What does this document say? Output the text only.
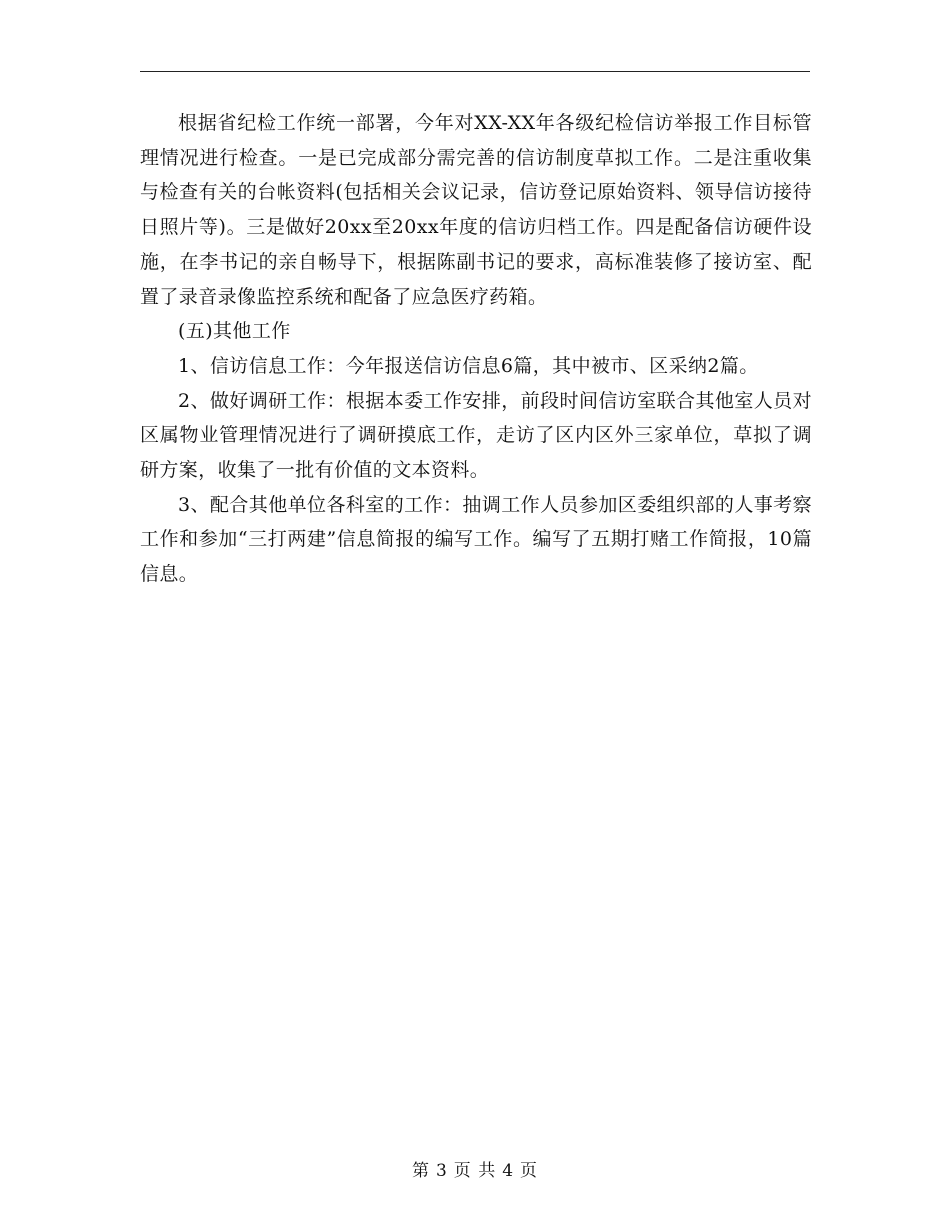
根据省纪检工作统一部署，今年对XX-XX年各级纪检信访举报工作目标管理情况进行检查。一是已完成部分需完善的信访制度草拟工作。二是注重收集与检查有关的台帐资料(包括相关会议记录，信访登记原始资料、领导信访接待日照片等)。三是做好20xx至20xx年度的信访归档工作。四是配备信访硬件设施，在李书记的亲自畅导下，根据陈副书记的要求，高标准装修了接访室、配置了录音录像监控系统和配备了应急医疗药箱。

(五)其他工作

1、信访信息工作：今年报送信访信息6篇，其中被市、区采纳2篇。

2、做好调研工作：根据本委工作安排，前段时间信访室联合其他室人员对区属物业管理情况进行了调研摸底工作，走访了区内区外三家单位，草拟了调研方案，收集了一批有价值的文本资料。

3、配合其他单位各科室的工作：抽调工作人员参加区委组织部的人事考察工作和参加“三打两建”信息简报的编写工作。编写了五期打赌工作简报，10篇信息。

第 3 页 共 4 页
